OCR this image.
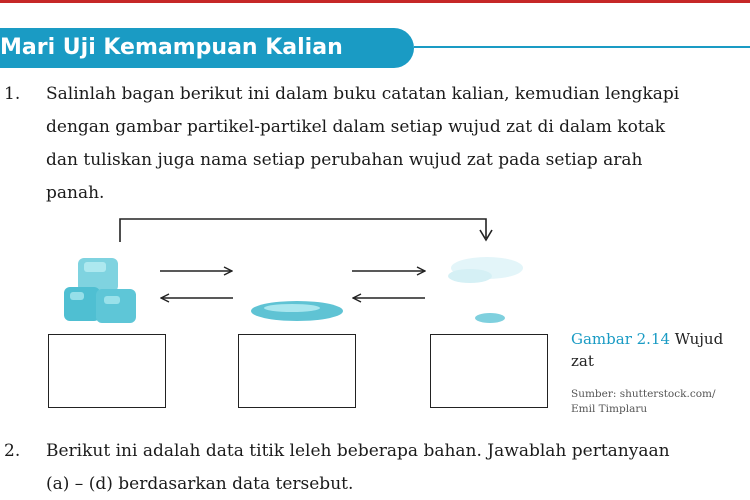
Mari Uji Kemampuan Kalian
1. Salinlah bagan berikut ini dalam buku catatan kalian, kemudian lengkapi
dengan gambar partikel-partikel dalam setiap wujud zat di dalam kotak
dan tuliskan juga nama setiap perubahan wujud zat pada setiap arah
panah.
Gambar 2.14 Wujud
zat
Sumber: shutterstock.com/
Emil Timplaru
2. Berikut ini adalah data titik leleh beberapa bahan. Jawablah pertanyaan
(a) – (d) berdasarkan data tersebut.
